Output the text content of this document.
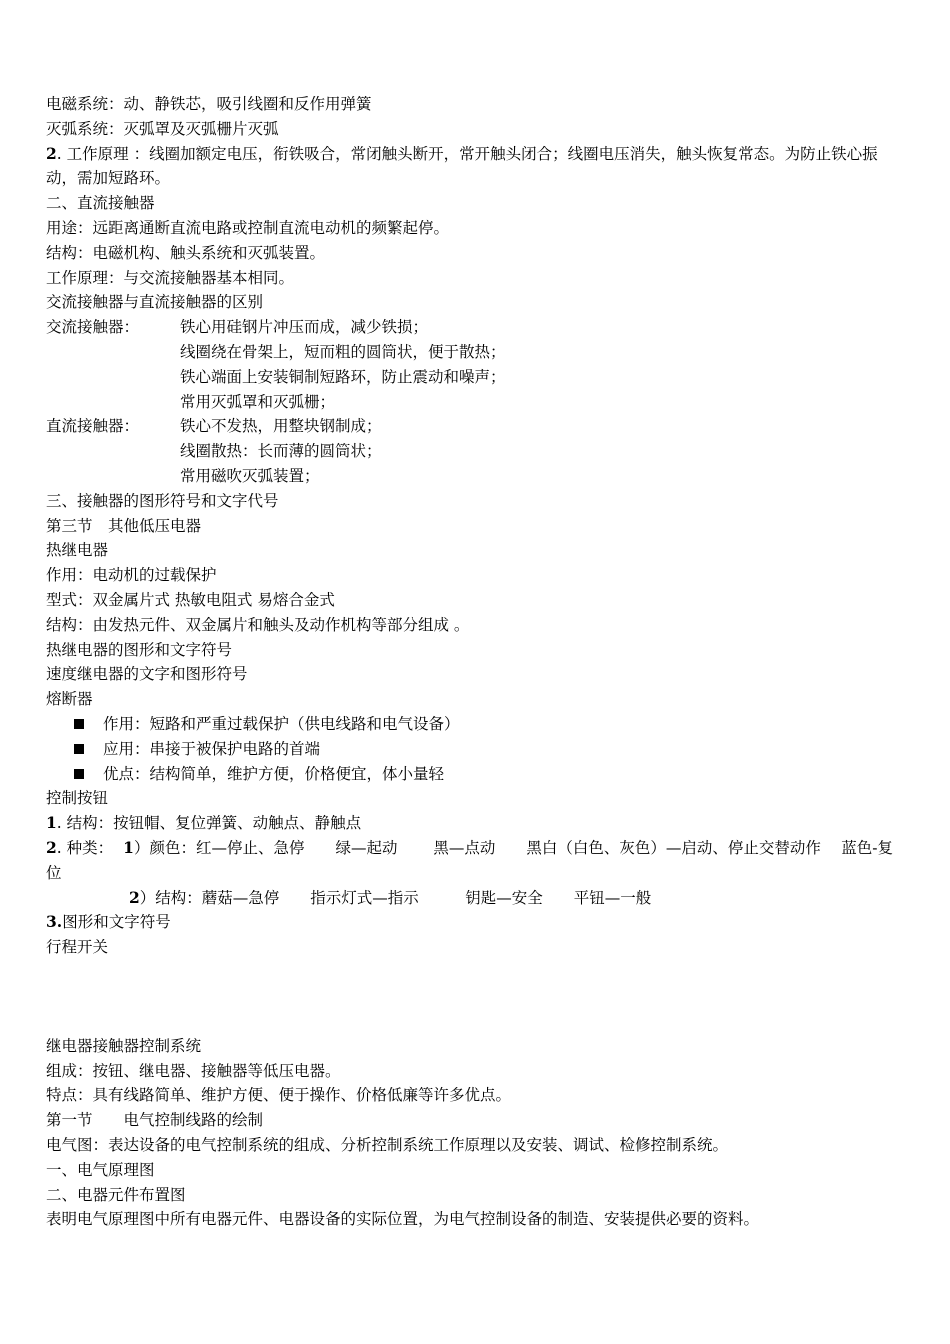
电磁系统：动、静铁芯，吸引线圈和反作用弹簧
灭弧系统：灭弧罩及灭弧栅片灭弧
2. 工作原理 ：线圈加额定电压，衔铁吸合，常闭触头断开，常开触头闭合；线圈电压消失，触头恢复常态。为防止铁心振动，需加短路环。
二、直流接触器
用途：远距离通断直流电路或控制直流电动机的频繁起停。
结构：电磁机构、触头系统和灭弧装置。
工作原理：与交流接触器基本相同。
交流接触器与直流接触器的区别
交流接触器：	铁心用硅钢片冲压而成，减少铁损；
线圈绕在骨架上，短而粗的圆筒状，便于散热；
铁心端面上安装铜制短路环，防止震动和噪声；
常用灭弧罩和灭弧栅；
直流接触器：	铁心不发热，用整块钢制成；
线圈散热：长而薄的圆筒状；
常用磁吹灭弧装置；
三、接触器的图形符号和文字代号
第三节　其他低压电器
热继电器
作用：电动机的过载保护
型式：双金属片式 热敏电阻式 易熔合金式
结构：由发热元件、双金属片和触头及动作机构等部分组成 。
热继电器的图形和文字符号
速度继电器的文字和图形符号
熔断器
作用：短路和严重过载保护（供电线路和电气设备）
应用：串接于被保护电路的首端
优点：结构简单，维护方便，价格便宜，体小量轻
控制按钮
1. 结构：按钮帽、复位弹簧、动触点、静触点
2. 种类： 1）颜色：红—停止、急停　　绿—起动　　 黑—点动　　黑白（白色、灰色）—启动、停止交替动作　 蓝色-复位
2）结构：蘑菇—急停　　指示灯式—指示　　　钥匙—安全　　平钮—一般
3.图形和文字符号
行程开关
继电器接触器控制系统
组成：按钮、继电器、接触器等低压电器。
特点：具有线路简单、维护方便、便于操作、价格低廉等许多优点。
第一节　　电气控制线路的绘制
电气图：表达设备的电气控制系统的组成、分析控制系统工作原理以及安装、调试、检修控制系统。
一、电气原理图
二、电器元件布置图
表明电气原理图中所有电器元件、电器设备的实际位置，为电气控制设备的制造、安装提供必要的资料。
